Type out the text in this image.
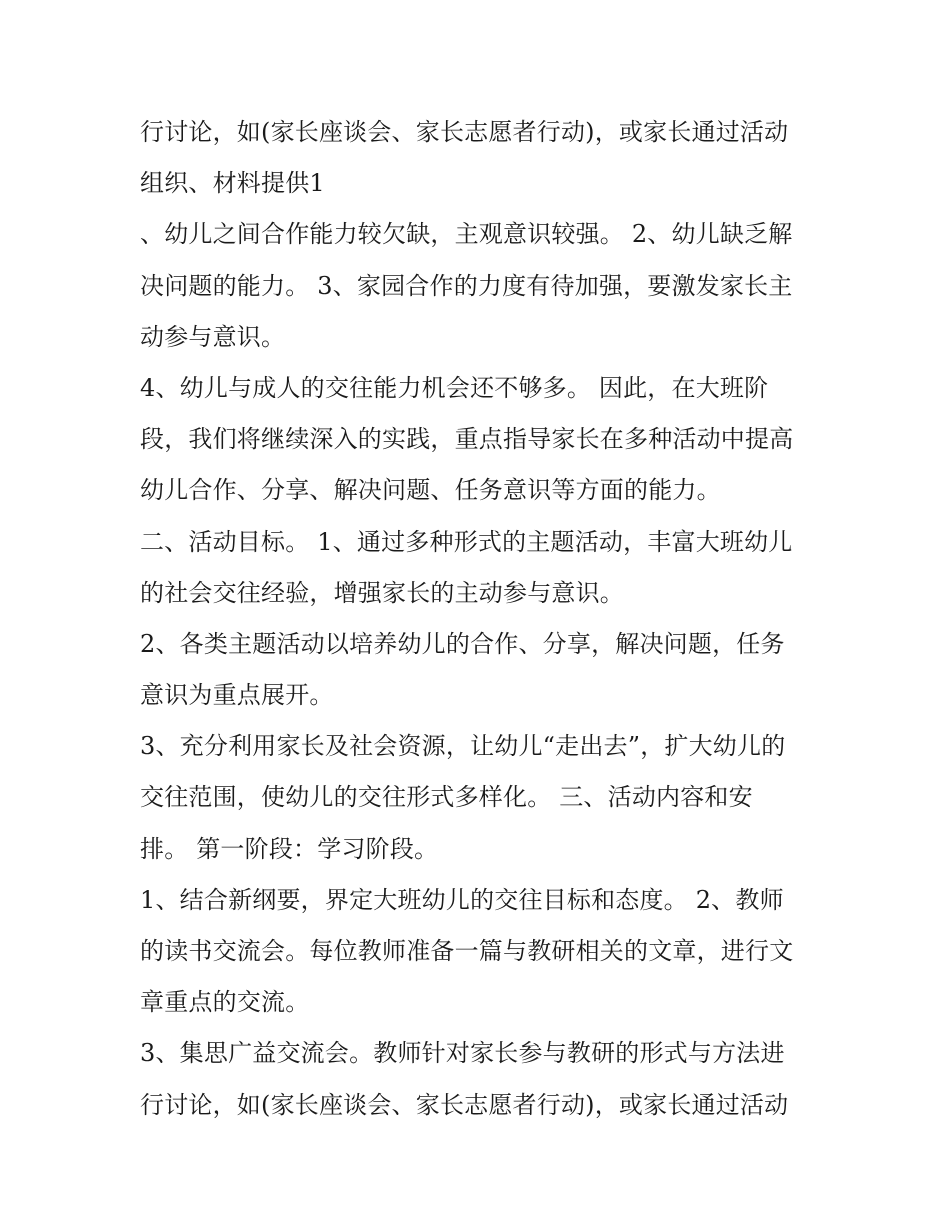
行讨论，如(家长座谈会、家长志愿者行动)，或家长通过活动
组织、材料提供1
、幼儿之间合作能力较欠缺，主观意识较强。 2、幼儿缺乏解
决问题的能力。 3、家园合作的力度有待加强，要激发家长主
动参与意识。
4、幼儿与成人的交往能力机会还不够多。 因此，在大班阶
段，我们将继续深入的实践，重点指导家长在多种活动中提高
幼儿合作、分享、解决问题、任务意识等方面的能力。
二、活动目标。 1、通过多种形式的主题活动，丰富大班幼儿
的社会交往经验，增强家长的主动参与意识。
2、各类主题活动以培养幼儿的合作、分享，解决问题，任务
意识为重点展开。
3、充分利用家长及社会资源，让幼儿“走出去”，扩大幼儿的
交往范围，使幼儿的交往形式多样化。 三、活动内容和安
排。 第一阶段：学习阶段。
1、结合新纲要，界定大班幼儿的交往目标和态度。 2、教师
的读书交流会。每位教师准备一篇与教研相关的文章，进行文
章重点的交流。
3、集思广益交流会。教师针对家长参与教研的形式与方法进
行讨论，如(家长座谈会、家长志愿者行动)，或家长通过活动
